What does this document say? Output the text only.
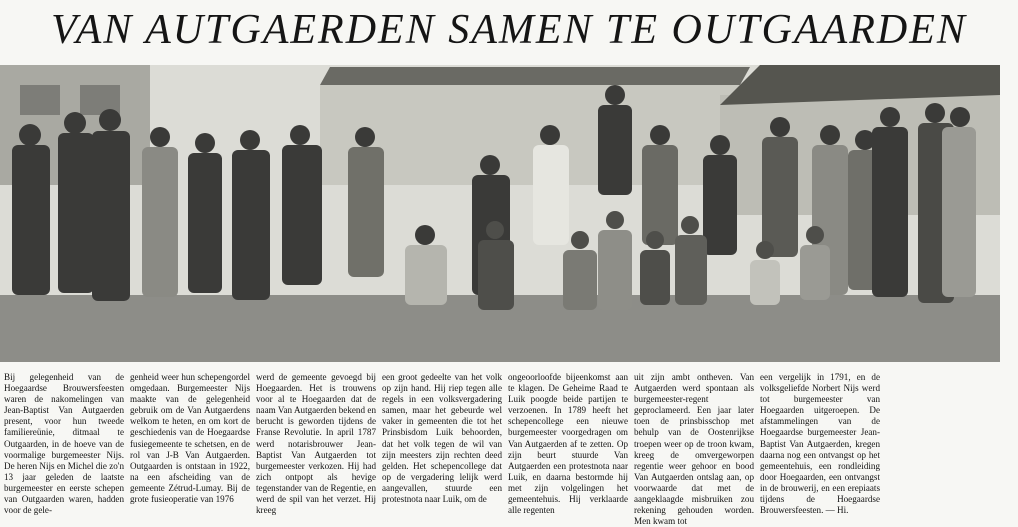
VAN AUTGAERDEN SAMEN TE OUTGAARDEN

Bij gelegenheid van de Hoegaardse Brouwersfeesten waren de nakomelingen van Jean-Baptist Van Autgaerden present, voor hun tweede familiereünie, ditmaal te Outgaarden, in de hoeve van de voormalige burgemeester Nijs. De heren Nijs en Michel die zo'n 13 jaar geleden de laatste burgemeester en eerste schepen van Outgaarden waren, hadden voor de gele-

genheid weer hun schepengordel omgedaan. Burgemeester Nijs maakte van de gelegenheid gebruik om de Van Autgaerdens welkom te heten, en om kort de geschiedenis van de Hoegaardse fusiegemeente te schetsen, en de rol van J-B Van Autgaerden. Outgaarden is ontstaan in 1922, na een afscheiding van de gemeente Zétrud-Lumay. Bij de grote fusieoperatie van 1976

werd de gemeente gevoegd bij Hoegaarden. Het is trouwens voor al te Hoegaarden dat de naam Van Autgaerden bekend en berucht is geworden tijdens de Franse Revolutie. In april 1787 werd notarisbrouwer Jean-Baptist Van Autgaerden tot burgemeester verkozen. Hij had zich ontpopt als hevige tegenstander van de Regentie, en werd de spil van het verzet. Hij kreeg

een groot gedeelte van het volk op zijn hand. Hij riep tegen alle regels in een volksvergadering samen, maar het gebeurde wel vaker in gemeenten die tot het Prinsbisdom Luik behoorden, dat het volk tegen de wil van zijn meesters zijn rechten deed gelden. Het schepencollege dat op de vergadering lelijk werd aangevallen, stuurde een protestnota naar Luik, om de

ongeoorloofde bijeenkomst aan te klagen. De Geheime Raad te Luik poogde beide partijen te verzoenen. In 1789 heeft het schepencollege een nieuwe burgemeester voorgedragen om Van Autgaerden af te zetten. Op zijn beurt stuurde Van Autgaerden een protestnota naar Luik, en daarna bestormde hij met zijn volgelingen het gemeentehuis. Hij verklaarde alle regenten

uit zijn ambt ontheven. Van Autgaerden werd spontaan als burgemeester-regent geproclameerd. Een jaar later toen de prinsbisschop met behulp van de Oostenrijkse troepen weer op de troon kwam, kreeg de omvergeworpen regentie weer gehoor en bood Van Autgaerden ontslag aan, op voorwaarde dat met de aangeklaagde misbruiken zou rekening gehouden worden. Men kwam tot

een vergelijk in 1791, en de volksgeliefde Norbert Nijs werd tot burgemeester van Hoegaarden uitgeroepen. De afstammelingen van de Hoegaardse burgemeester Jean-Baptist Van Autgaerden, kregen daarna nog een ontvangst op het gemeentehuis, een rondleiding door Hoegaarden, een ontvangst in de brouwerij, en een erepiaats tijdens de Hoegaardse Brouwersfeesten. — Hi.
